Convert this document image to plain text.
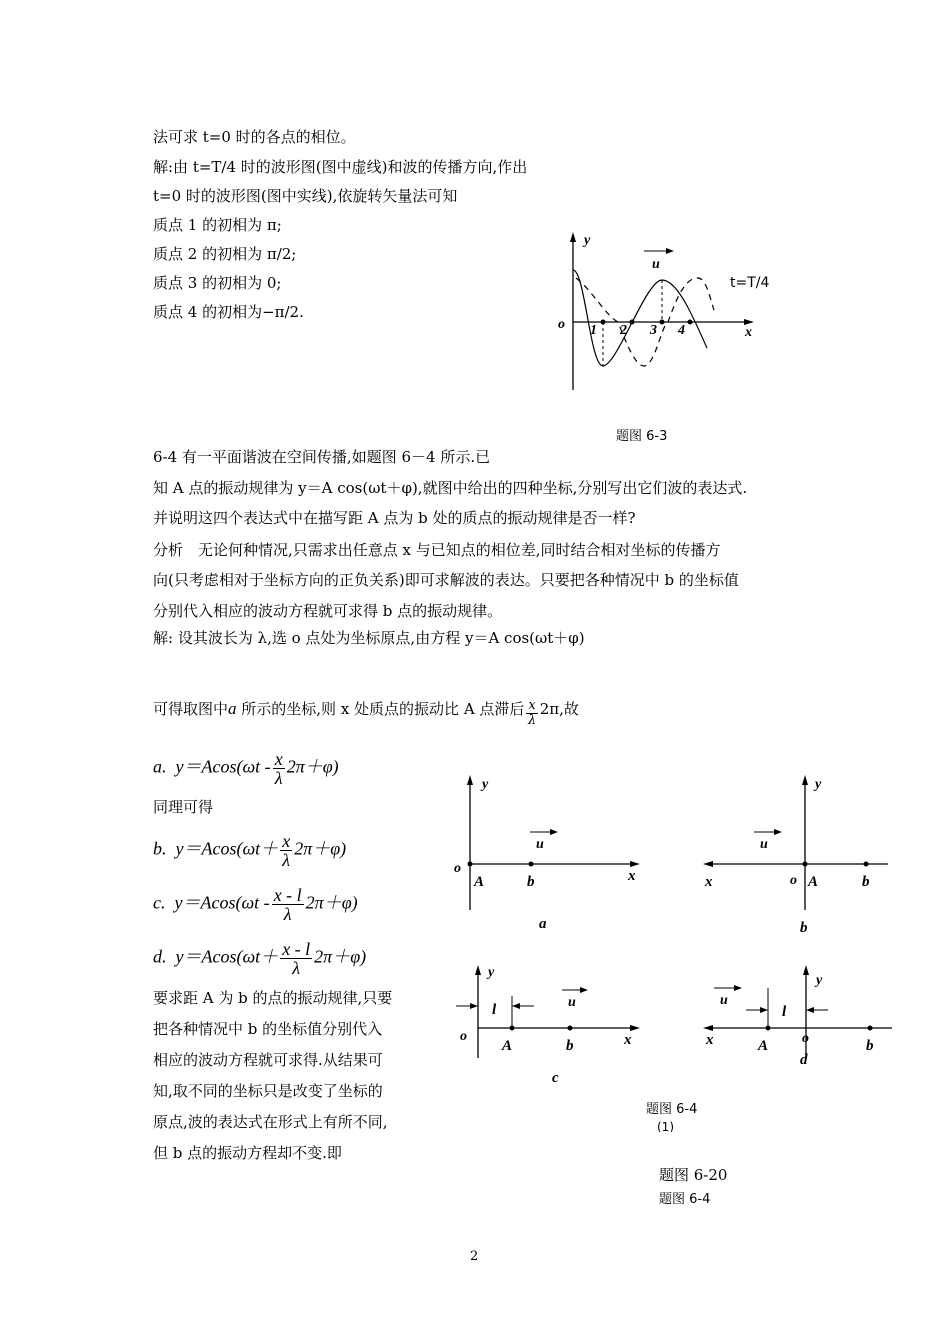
法可求 t=0 时的各点的相位。
解:由 t=T/4 时的波形图(图中虚线)和波的传播方向,作出
t=0 时的波形图(图中实线),依旋转矢量法可知
质点 1 的初相为 π;
质点 2 的初相为 π/2;
质点 3 的初相为 0;
质点 4 的初相为−π/2.
y
u
t=T/4
o
x
1 2 3 4
题图 6-3
6-4 有一平面谐波在空间传播,如题图 6－4 所示.已
知 A 点的振动规律为 y＝A cos(ωt＋φ),就图中给出的四种坐标,分别写出它们波的表达式.
并说明这四个表达式中在描写距 A 点为 b 处的质点的振动规律是否一样?
分析　无论何种情况,只需求出任意点 x 与已知点的相位差,同时结合相对坐标的传播方
向(只考虑相对于坐标方向的正负关系)即可求解波的表达。只要把各种情况中 b 的坐标值
分别代入相应的波动方程就可求得 b 点的振动规律。
解: 设其波长为 λ,选 o 点处为坐标原点,由方程 y＝A cos(ωt＋φ)
可得取图中a 所示的坐标,则 x 处质点的振动比 A 点滞后 $\frac{x}{\lambda} 2\pi$,故
a. $y=Acos(\omega t - \frac{x}{\lambda} 2\pi+\varphi)$
同理可得
b. $y=Acos(\omega t+ \frac{x}{\lambda} 2\pi+\varphi)$
c. $y=Acos(\omega t - \frac{x - l}{\lambda} 2\pi+\varphi)$
d. $y=Acos(\omega t+ \frac{x - l}{\lambda} 2\pi+\varphi)$
要求距 A 为 b 的点的振动规律,只要
把各种情况中 b 的坐标值分别代入
相应的波动方程就可求得.从结果可
知,取不同的坐标只是改变了坐标的
原点,波的表达式在形式上有所不同,
但 b 点的振动方程却不变.即
y
u
o
A	b	x
a
y
u
o A	b
x
b
y
u
l
o
A	b	x
c
y
u
l
o
A	b
x
d
题图 6-4
(1)
题图 6-20
题图 6-4
2
